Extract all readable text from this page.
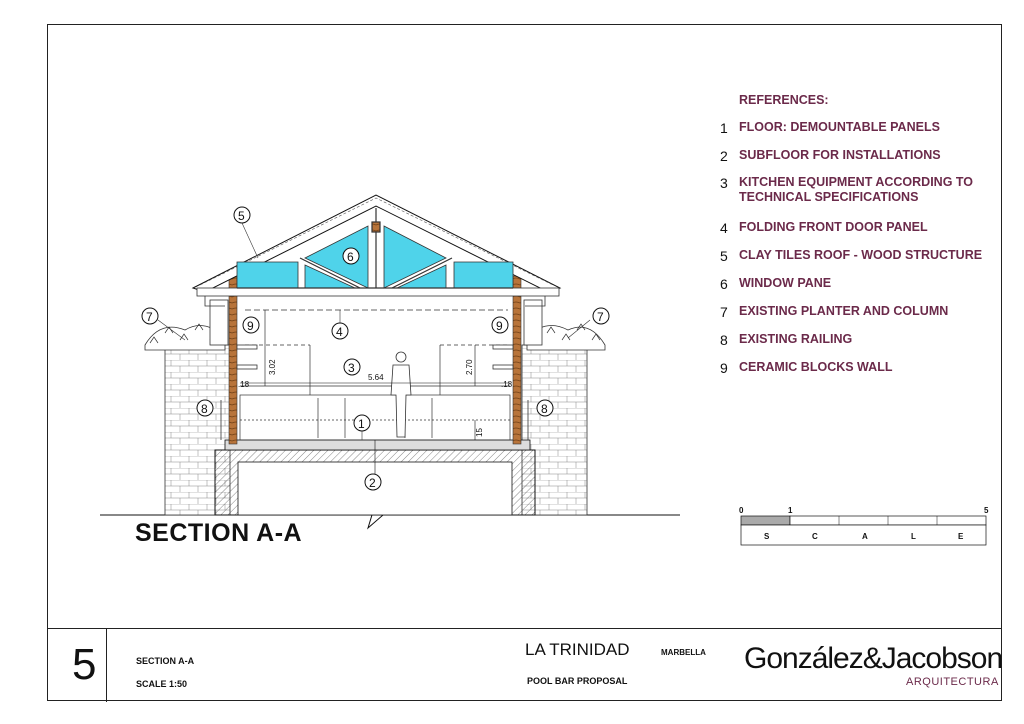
5.64
3.02	2.70
.18	.18
15
5
6
7	7
9	9
4
3
8	8
1
2
SECTION A-A
REFERENCES:
1 FLOOR: DEMOUNTABLE PANELS
2 SUBFLOOR FOR INSTALLATIONS
3 KITCHEN EQUIPMENT ACCORDING TO TECHNICAL SPECIFICATIONS
4 FOLDING FRONT DOOR PANEL
5 CLAY TILES ROOF - WOOD STRUCTURE
6 WINDOW PANE
7 EXISTING PLANTER AND COLUMN
8 EXISTING RAILING
9 CERAMIC BLOCKS WALL
0	1	5
S	C	A	L	E
5	SECTION A-A
SCALE 1:50
LA TRINIDAD	MARBELLA
POOL BAR PROPOSAL
González&Jacobson
ARQUITECTURA
